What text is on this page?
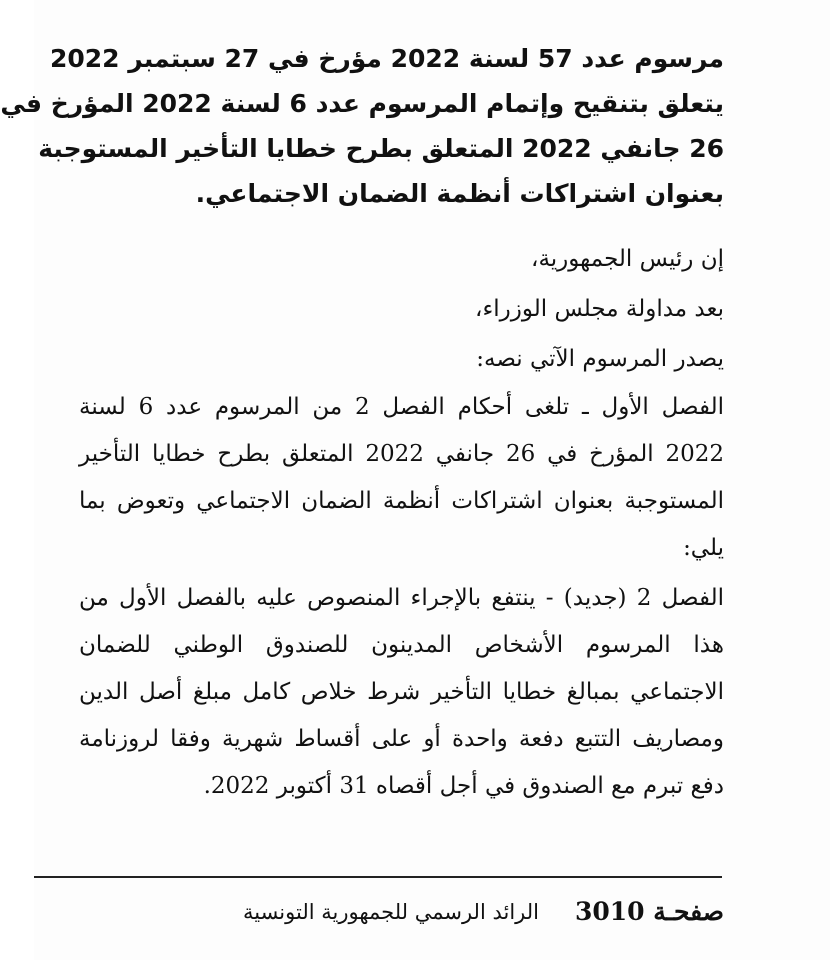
مرسوم عدد 57 لسنة 2022 مؤرخ في 27 سبتمبر 2022
يتعلق بتنقيح وإتمام المرسوم عدد 6 لسنة 2022 المؤرخ في
26 جانفي 2022 المتعلق بطرح خطايا التأخير المستوجبة
بعنوان اشتراكات أنظمة الضمان الاجتماعي.

إن رئيس الجمهورية،

بعد مداولة مجلس الوزراء،

يصدر المرسوم الآتي نصه:

الفصل الأول ـ تلغى أحكام الفصل 2 من المرسوم عدد 6 لسنة 2022 المؤرخ في 26 جانفي 2022 المتعلق بطرح خطايا التأخير المستوجبة بعنوان اشتراكات أنظمة الضمان الاجتماعي وتعوض بما يلي:

الفصل 2 (جديد) - ينتفع بالإجراء المنصوص عليه بالفصل الأول من هذا المرسوم الأشخاص المدينون للصندوق الوطني للضمان الاجتماعي بمبالغ خطايا التأخير شرط خلاص كامل مبلغ أصل الدين ومصاريف التتبع دفعة واحدة أو على أقساط شهرية وفقا لروزنامة دفع تبرم مع الصندوق في أجل أقصاه 31 أكتوبر 2022.

صفحـة 3010
الرائد الرسمي للجمهورية التونسية
